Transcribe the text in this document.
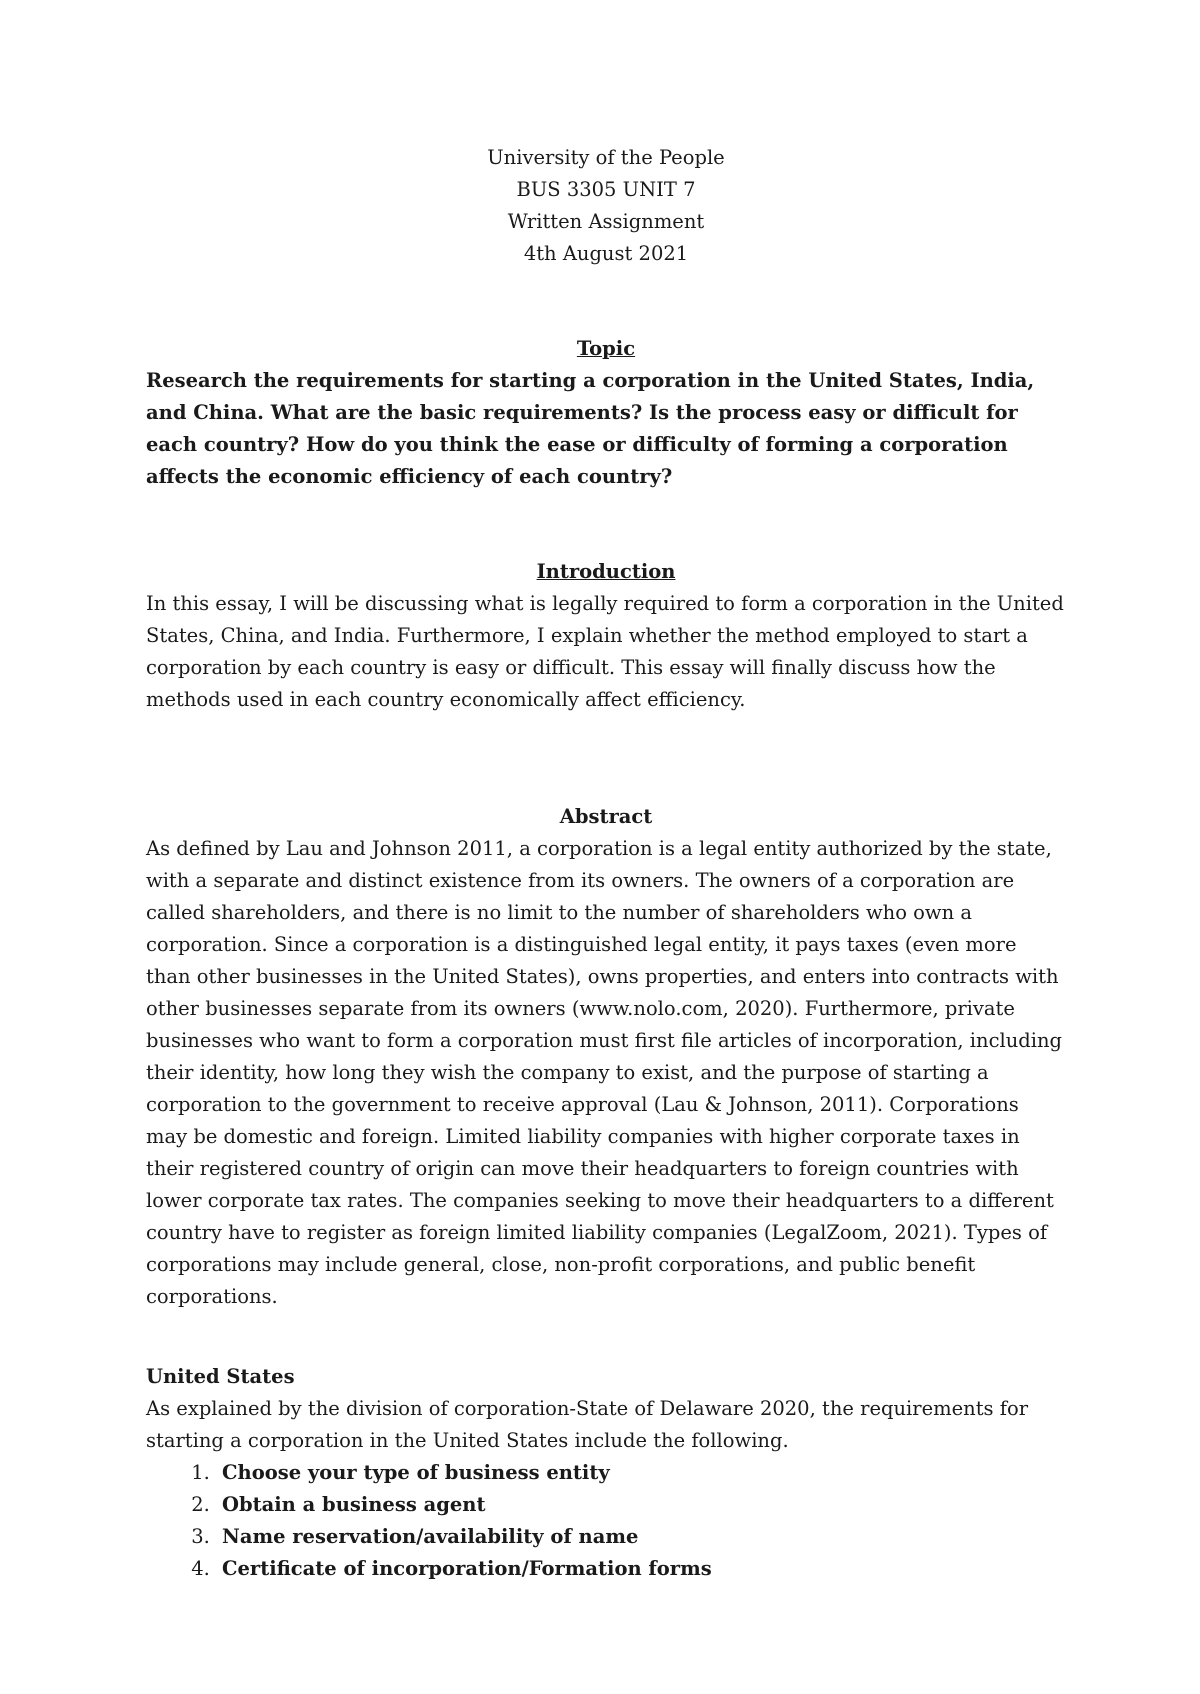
University of the People
BUS 3305 UNIT 7
Written Assignment
4th August 2021
Topic

Research the requirements for starting a corporation in the United States, India, and China. What are the basic requirements? Is the process easy or difficult for each country? How do you think the ease or difficulty of forming a corporation affects the economic efficiency of each country?

Introduction

In this essay, I will be discussing what is legally required to form a corporation in the United States, China, and India. Furthermore, I explain whether the method employed to start a corporation by each country is easy or difficult. This essay will finally discuss how the methods used in each country economically affect efficiency.

Abstract

As defined by Lau and Johnson 2011, a corporation is a legal entity authorized by the state, with a separate and distinct existence from its owners. The owners of a corporation are called shareholders, and there is no limit to the number of shareholders who own a corporation. Since a corporation is a distinguished legal entity, it pays taxes (even more than other businesses in the United States), owns properties, and enters into contracts with other businesses separate from its owners (www.nolo.com, 2020). Furthermore, private businesses who want to form a corporation must first file articles of incorporation, including their identity, how long they wish the company to exist, and the purpose of starting a corporation to the government to receive approval (Lau & Johnson, 2011). Corporations may be domestic and foreign. Limited liability companies with higher corporate taxes in their registered country of origin can move their headquarters to foreign countries with lower corporate tax rates. The companies seeking to move their headquarters to a different country have to register as foreign limited liability companies (LegalZoom, 2021). Types of corporations may include general, close, non-profit corporations, and public benefit corporations.

United States

As explained by the division of corporation-State of Delaware 2020, the requirements for starting a corporation in the United States include the following.

1. Choose your type of business entity
2. Obtain a business agent
3. Name reservation/availability of name
4. Certificate of incorporation/Formation forms
